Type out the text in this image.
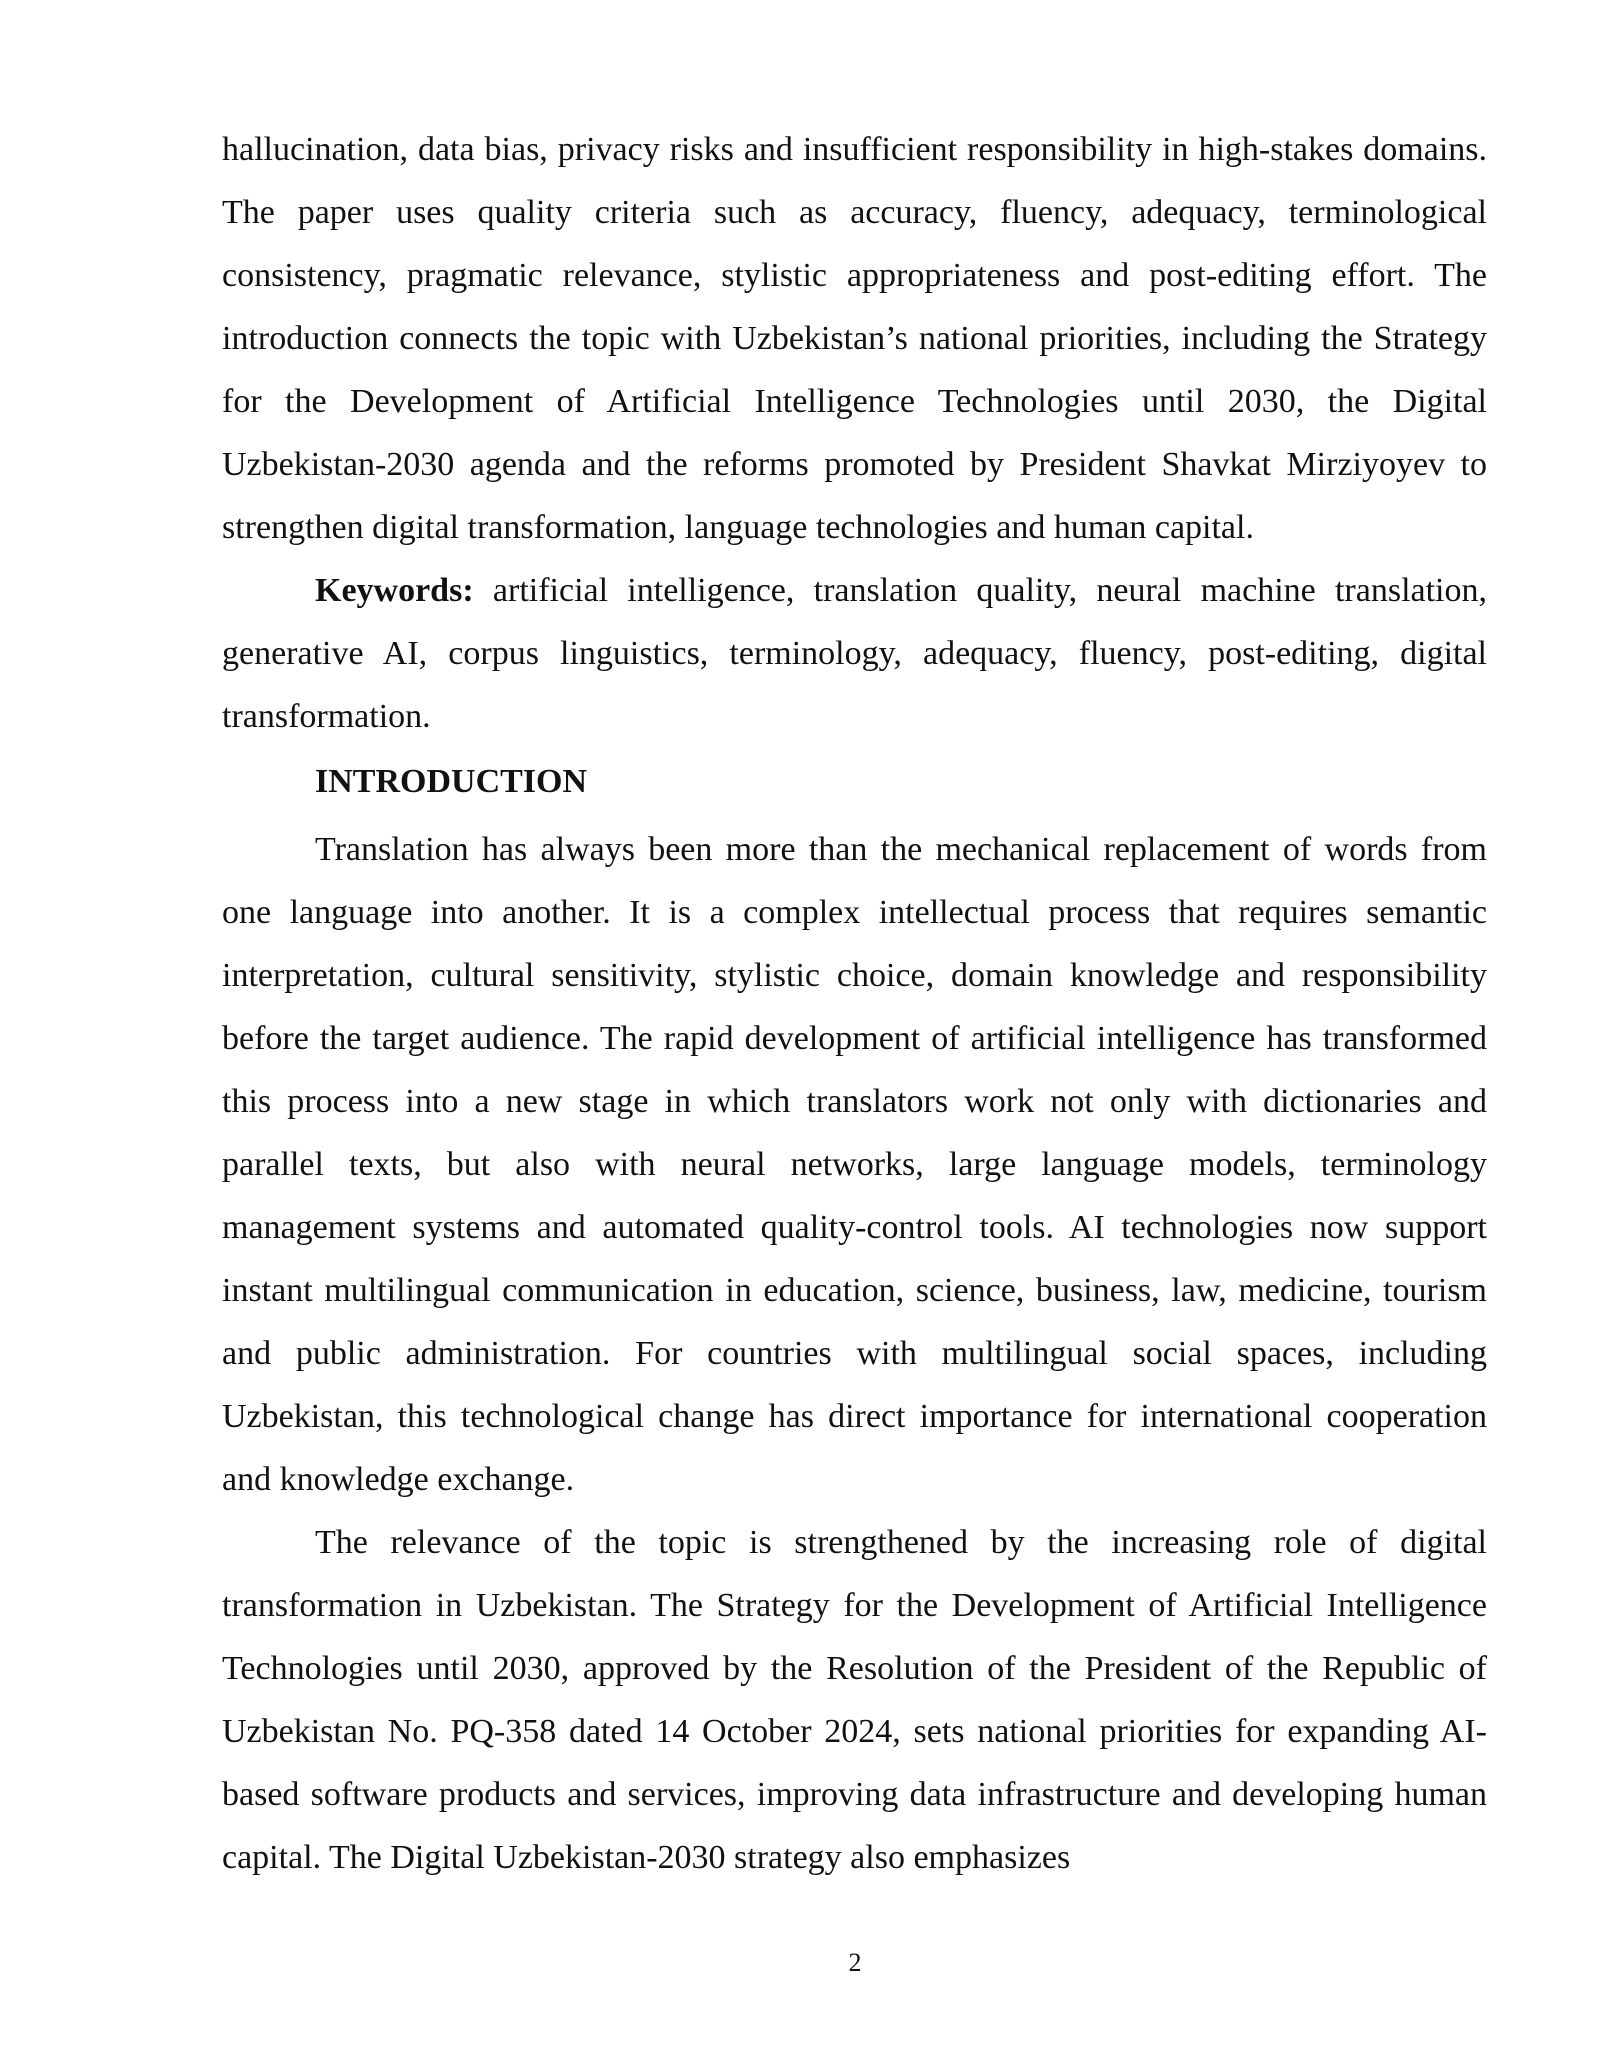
hallucination, data bias, privacy risks and insufficient responsibility in high-stakes domains. The paper uses quality criteria such as accuracy, fluency, adequacy, terminological consistency, pragmatic relevance, stylistic appropriateness and post-editing effort. The introduction connects the topic with Uzbekistan’s national priorities, including the Strategy for the Development of Artificial Intelligence Technologies until 2030, the Digital Uzbekistan-2030 agenda and the reforms promoted by President Shavkat Mirziyoyev to strengthen digital transformation, language technologies and human capital.

Keywords: artificial intelligence, translation quality, neural machine translation, generative AI, corpus linguistics, terminology, adequacy, fluency, post-editing, digital transformation.

INTRODUCTION

Translation has always been more than the mechanical replacement of words from one language into another. It is a complex intellectual process that requires semantic interpretation, cultural sensitivity, stylistic choice, domain knowledge and responsibility before the target audience. The rapid development of artificial intelligence has transformed this process into a new stage in which translators work not only with dictionaries and parallel texts, but also with neural networks, large language models, terminology management systems and automated quality-control tools. AI technologies now support instant multilingual communication in education, science, business, law, medicine, tourism and public administration. For countries with multilingual social spaces, including Uzbekistan, this technological change has direct importance for international cooperation and knowledge exchange.

The relevance of the topic is strengthened by the increasing role of digital transformation in Uzbekistan. The Strategy for the Development of Artificial Intelligence Technologies until 2030, approved by the Resolution of the President of the Republic of Uzbekistan No. PQ-358 dated 14 October 2024, sets national priorities for expanding AI-based software products and services, improving data infrastructure and developing human capital. The Digital Uzbekistan-2030 strategy also emphasizes

2
